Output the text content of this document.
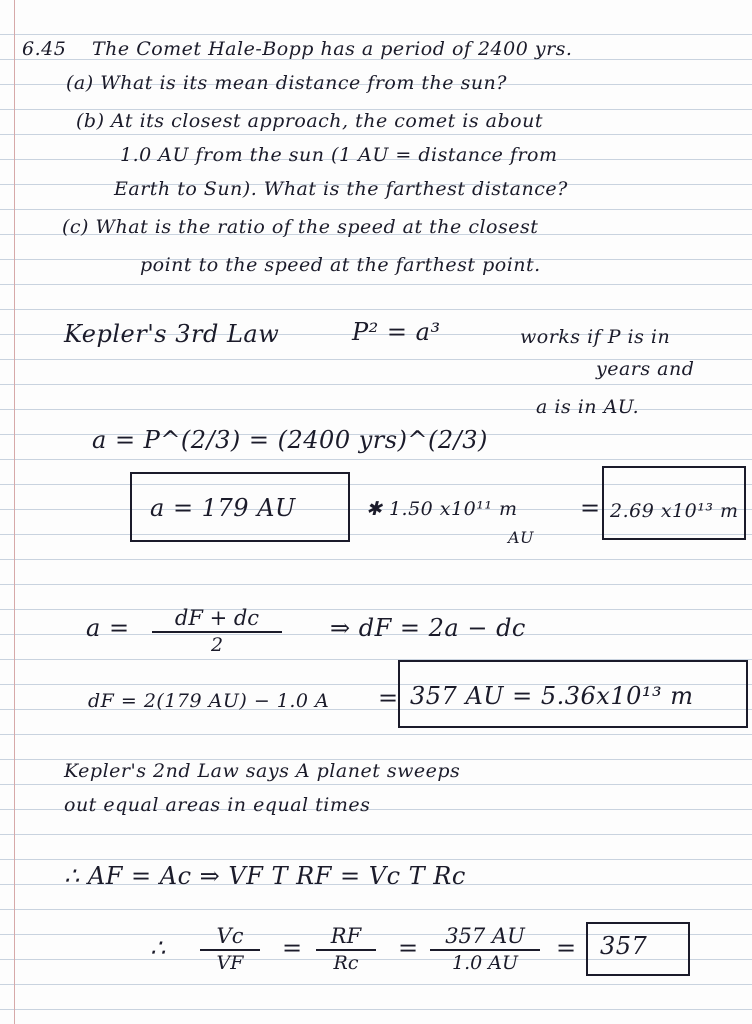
6.45 The Comet Hale-Bopp has a period of 2400 yrs.
(a) What is its mean distance from the sun?
(b) At its closest approach, the comet is about
1.0 AU from the sun (1 AU = distance from
Earth to Sun). What is the farthest distance?
(c) What is the ratio of the speed at the closest
point to the speed at the farthest point.
Kepler's 3rd Law	P² = a³	works if P is in
years and
a is in AU.
a = P^(2/3) = (2400 yrs)^(2/3)
a = 179 AU	✱ 1.50 x10¹¹ m
AU
= 2.69 x10¹³ m
a =	dF + dc
2
⇒ dF = 2a − dc
dF = 2(179 AU) − 1.0 A = 357 AU = 5.36x10¹³ m
Kepler's 2nd Law says A planet sweeps
out equal areas in equal times
∴ AF = Ac ⇒ VF T RF = Vc T Rc
∴	Vc
VF
=	RF
Rc
=	357 AU
1.0 AU
= 357
